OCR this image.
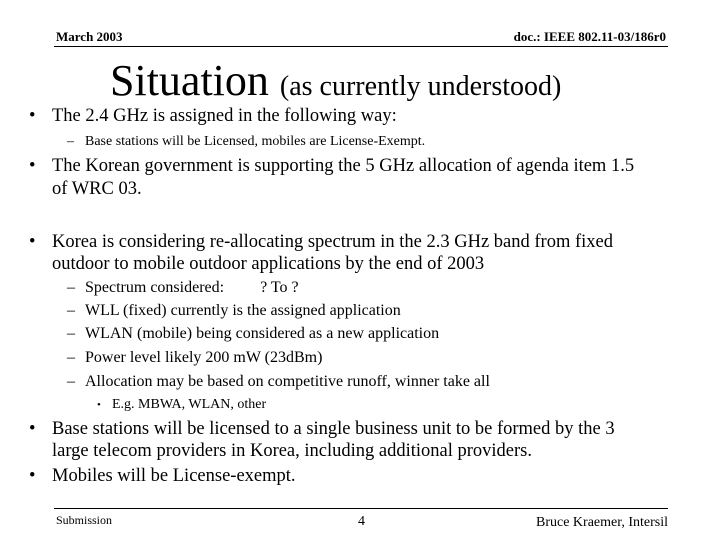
March 2003	doc.: IEEE 802.11-03/186r0
Situation (as currently understood)
• The 2.4 GHz is assigned in the following way:
– Base stations will be Licensed, mobiles are License-Exempt.
• The Korean government is supporting the 5 GHz allocation of agenda item 1.5
of WRC 03.
• Korea is considering re-allocating spectrum in the 2.3 GHz band from fixed
outdoor to mobile outdoor applications by the end of 2003
– Spectrum considered: ? To ?
– WLL (fixed) currently is the assigned application
– WLAN (mobile) being considered as a new application
– Power level likely 200 mW (23dBm)
– Allocation may be based on competitive runoff, winner take all
• E.g. MBWA, WLAN, other
• Base stations will be licensed to a single business unit to be formed by the 3
large telecom providers in Korea, including additional providers.
• Mobiles will be License-exempt.
Submission	4	Bruce Kraemer, Intersil
